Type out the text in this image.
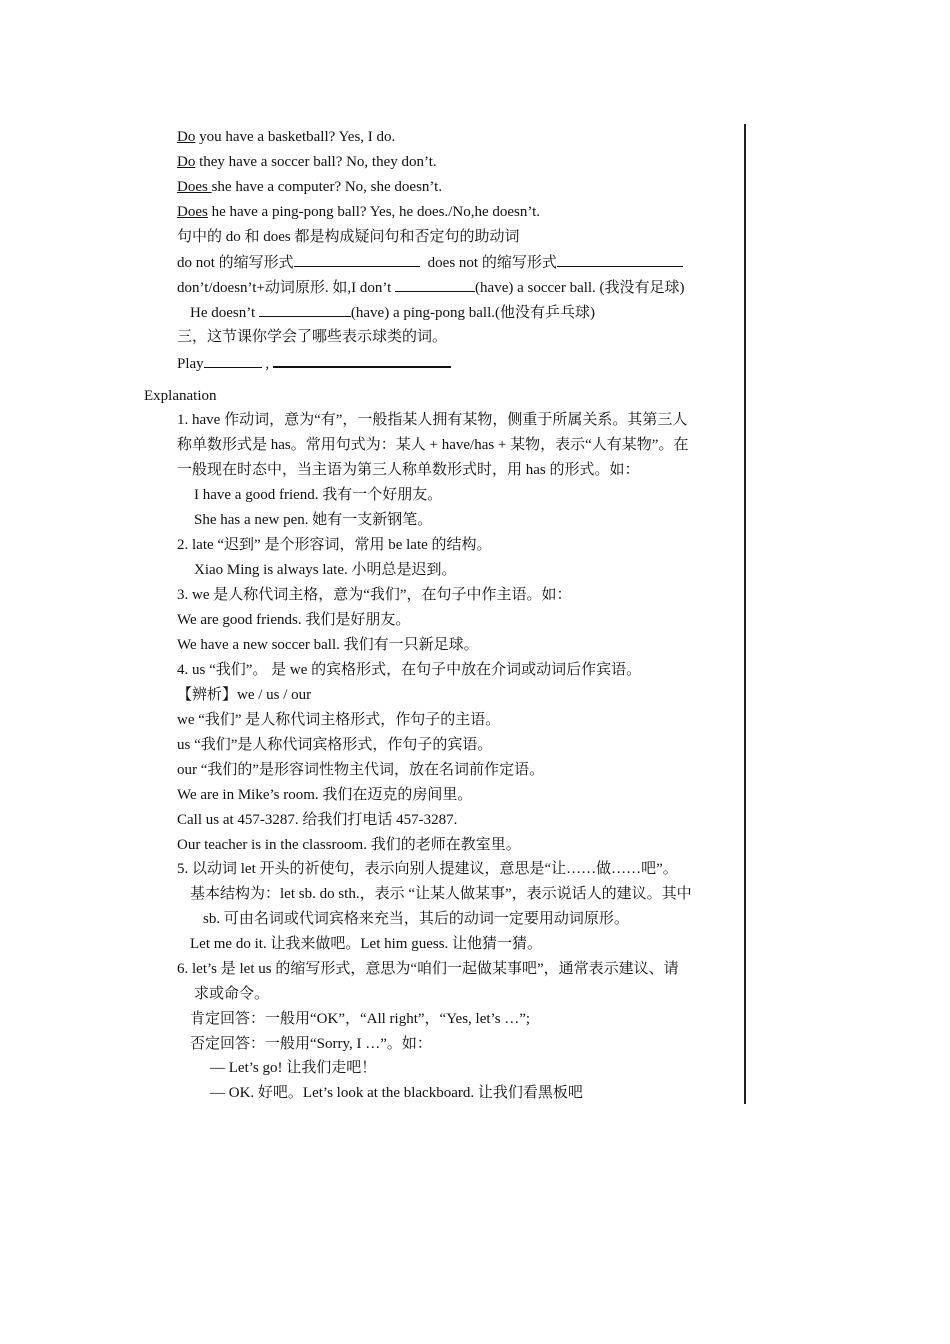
Do you have a basketball? Yes, I do.
Do they have a soccer ball? No, they don’t.
Does she have a computer? No, she doesn’t.
Does he have a ping-pong ball? Yes, he does./No,he doesn’t.
句中的 do 和 does 都是构成疑问句和否定句的助动词
do not 的缩写形式	does not 的缩写形式
don’t/doesn’t+动词原形. 如,I don’t	(have) a soccer ball. (我没有足球)
He doesn’t	(have) a ping-pong ball.(他没有乒乓球)
三，这节课你学会了哪些表示球类的词。
Play	,
Explanation
1. have 作动词，意为“有”，一般指某人拥有某物，侧重于所属关系。其第三人
称单数形式是 has。常用句式为：某人 + have/has + 某物，表示“人有某物”。在
一般现在时态中，当主语为第三人称单数形式时，用 has 的形式。如：
I have a good friend. 我有一个好朋友。
She has a new pen. 她有一支新钢笔。
2. late “迟到” 是个形容词，常用 be late 的结构。
Xiao Ming is always late. 小明总是迟到。
3. we 是人称代词主格，意为“我们”，在句子中作主语。如：
We are good friends. 我们是好朋友。
We have a new soccer ball. 我们有一只新足球。
4. us “我们”。 是 we 的宾格形式，在句子中放在介词或动词后作宾语。
【辨析】we / us / our
we “我们” 是人称代词主格形式，作句子的主语。
us “我们”是人称代词宾格形式，作句子的宾语。
our “我们的”是形容词性物主代词，放在名词前作定语。
We are in Mike’s room. 我们在迈克的房间里。
Call us at 457-3287. 给我们打电话 457-3287.
Our teacher is in the classroom. 我们的老师在教室里。
5. 以动词 let 开头的祈使句，表示向别人提建议，意思是“让……做……吧”。
基本结构为：let sb. do sth.，表示 “让某人做某事”，表示说话人的建议。其中
sb. 可由名词或代词宾格来充当，其后的动词一定要用动词原形。
Let me do it. 让我来做吧。Let him guess. 让他猜一猜。
6. let’s 是 let us 的缩写形式，意思为“咱们一起做某事吧”，通常表示建议、请
求或命令。
肯定回答：一般用“OK”，“All right”，“Yes, let’s …”;
否定回答：一般用“Sorry, I …”。如：
— Let’s go! 让我们走吧！
— OK. 好吧。Let’s look at the blackboard. 让我们看黑板吧
